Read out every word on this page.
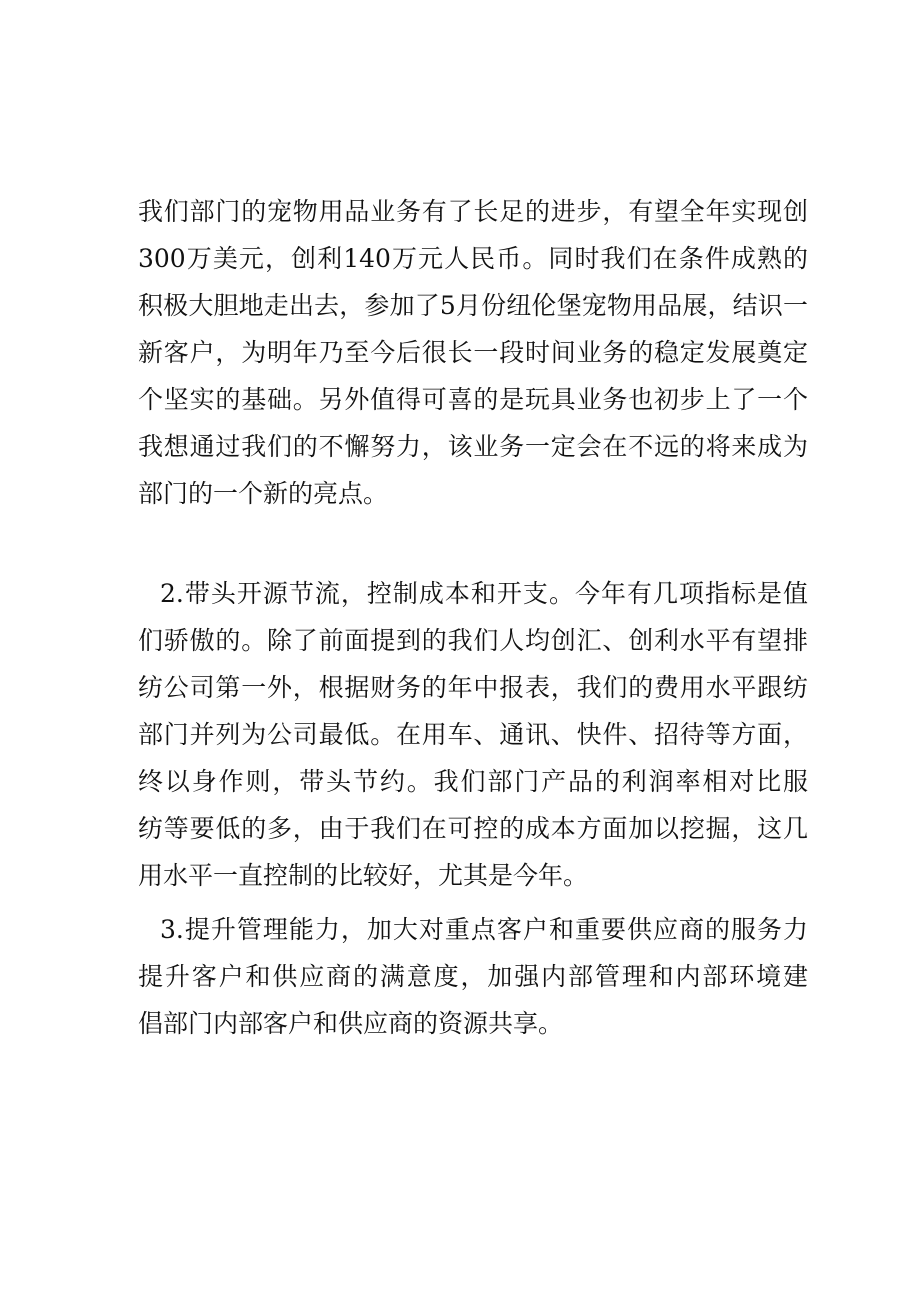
我们部门的宠物用品业务有了长足的进步，有望全年实现创
300万美元，创利140万元人民币。同时我们在条件成熟的
积极大胆地走出去，参加了5月份纽伦堡宠物用品展，结识一
新客户，为明年乃至今后很长一段时间业务的稳定发展奠定
个坚实的基础。另外值得可喜的是玩具业务也初步上了一个
我想通过我们的不懈努力，该业务一定会在不远的将来成为
部门的一个新的亮点。
2.带头开源节流，控制成本和开支。今年有几项指标是值
们骄傲的。除了前面提到的我们人均创汇、创利水平有望排
纺公司第一外，根据财务的年中报表，我们的费用水平跟纺
部门并列为公司最低。在用车、通讯、快件、招待等方面，
终以身作则，带头节约。我们部门产品的利润率相对比服
纺等要低的多，由于我们在可控的成本方面加以挖掘，这几
用水平一直控制的比较好，尤其是今年。
3.提升管理能力，加大对重点客户和重要供应商的服务力
提升客户和供应商的满意度，加强内部管理和内部环境建
倡部门内部客户和供应商的资源共享。
